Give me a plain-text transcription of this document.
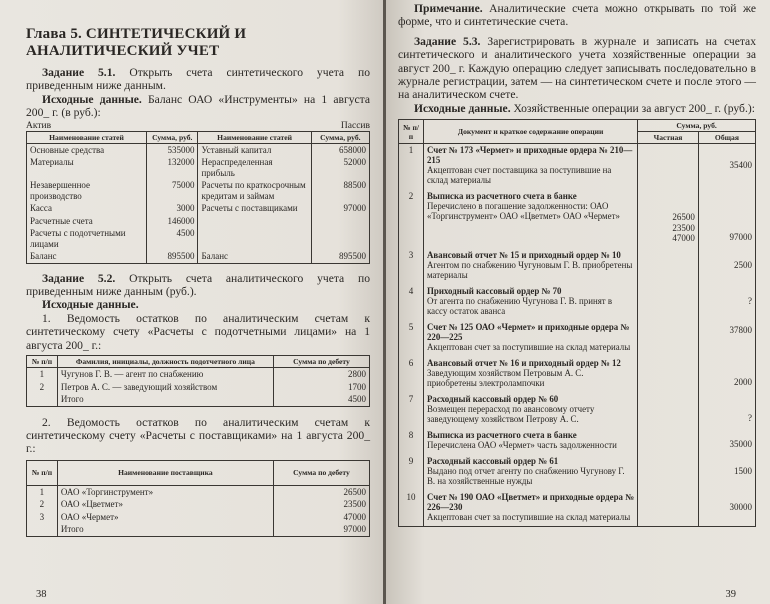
Глава 5. СИНТЕТИЧЕСКИЙ И АНАЛИТИЧЕСКИЙ УЧЕТ

Задание 5.1. Открыть счета синтетического учета по приведенным ниже данным.

Исходные данные. Баланс ОАО «Инструменты» на 1 августа 200_ г. (в руб.):

Актив	Пассив
Наименование статей	Сумма, руб.	Наименование статей	Сумма, руб.
Основные средства	535000	Уставный капитал	658000
Материалы	132000	Нераспределенная прибыль	52000
Незавершенное производство	75000	Расчеты по краткосрочным кредитам и займам	88500
Касса	3000	Расчеты с поставщиками	97000
Расчетные счета	146000		
Расчеты с подотчетными лицами	4500		
Баланс	895500	Баланс	895500

Задание 5.2. Открыть счета аналитического учета по приведенным ниже данным (руб.).

Исходные данные.

1. Ведомость остатков по аналитическим счетам к синтетическому счету «Расчеты с подотчетными лицами» на 1 августа 200_ г.:

№ п/п	Фамилия, инициалы, должность подотчетного лица	Сумма по дебету
1	Чугунов Г. В. — агент по снабжению	2800
2	Петров А. С. — заведующий хозяйством	1700
	Итого	4500

2. Ведомость остатков по аналитическим счетам к синтетическому счету «Расчеты с поставщиками» на 1 августа 200_ г.:

№ п/п	Наименование поставщика	Сумма по дебету
1	ОАО «Торгинструмент»	26500
2	ОАО «Цветмет»	23500
3	ОАО «Чермет»	47000
	Итого	97000
38

Примечание. Аналитические счета можно открывать по той же форме, что и синтетические счета.

Задание 5.3. Зарегистрировать в журнале и записать на счетах синтетического и аналитического учета хозяйственные операции за август 200_ г. Каждую операцию следует записывать последовательно в журнале регистрации, затем — на синтетическом счете и после этого — на аналитическом счете.

Исходные данные. Хозяйственные операции за август 200_ г. (руб.):

№ п/п	Документ и краткое содержание операции	Сумма, руб.	
		Частная	Общая
1	Счет № 173 «Чермет» и приходные ордера № 210—215
Акцептован счет поставщика за поступившие на склад материалы		35400
2	Выписка из расчетного счета в банке
Перечислено в погашение задолженности: ОАО «Торгинструмент» ОАО «Цветмет» ОАО «Чермет»	26500 23500 47000	97000
3	Авансовый отчет № 15 и приходный ордер № 10
Агентом по снабжению Чугуновым Г. В. приобретены материалы		2500
4	Приходный кассовый ордер № 70
От агента по снабжению Чугунова Г. В. принят в кассу остаток аванса		?
5	Счет № 125 ОАО «Чермет» и приходные ордера № 220—225
Акцептован счет за поступившие на склад материалы		37800
6	Авансовый отчет № 16 и приходный ордер № 12
Заведующим хозяйством Петровым А. С. приобретены электролампочки		2000
7	Расходный кассовый ордер № 60
Возмещен перерасход по авансовому отчету заведующему хозяйством Петрову А. С.		?
8	Выписка из расчетного счета в банке
Перечислена ОАО «Чермет» часть задолженности		35000
9	Расходный кассовый ордер № 61
Выдано под отчет агенту по снабжению Чугунову Г. В. на хозяйственные нужды		1500
10	Счет № 190 ОАО «Цветмет» и приходные ордера № 226—230
Акцептован счет за поступившие на склад материалы		30000
39
